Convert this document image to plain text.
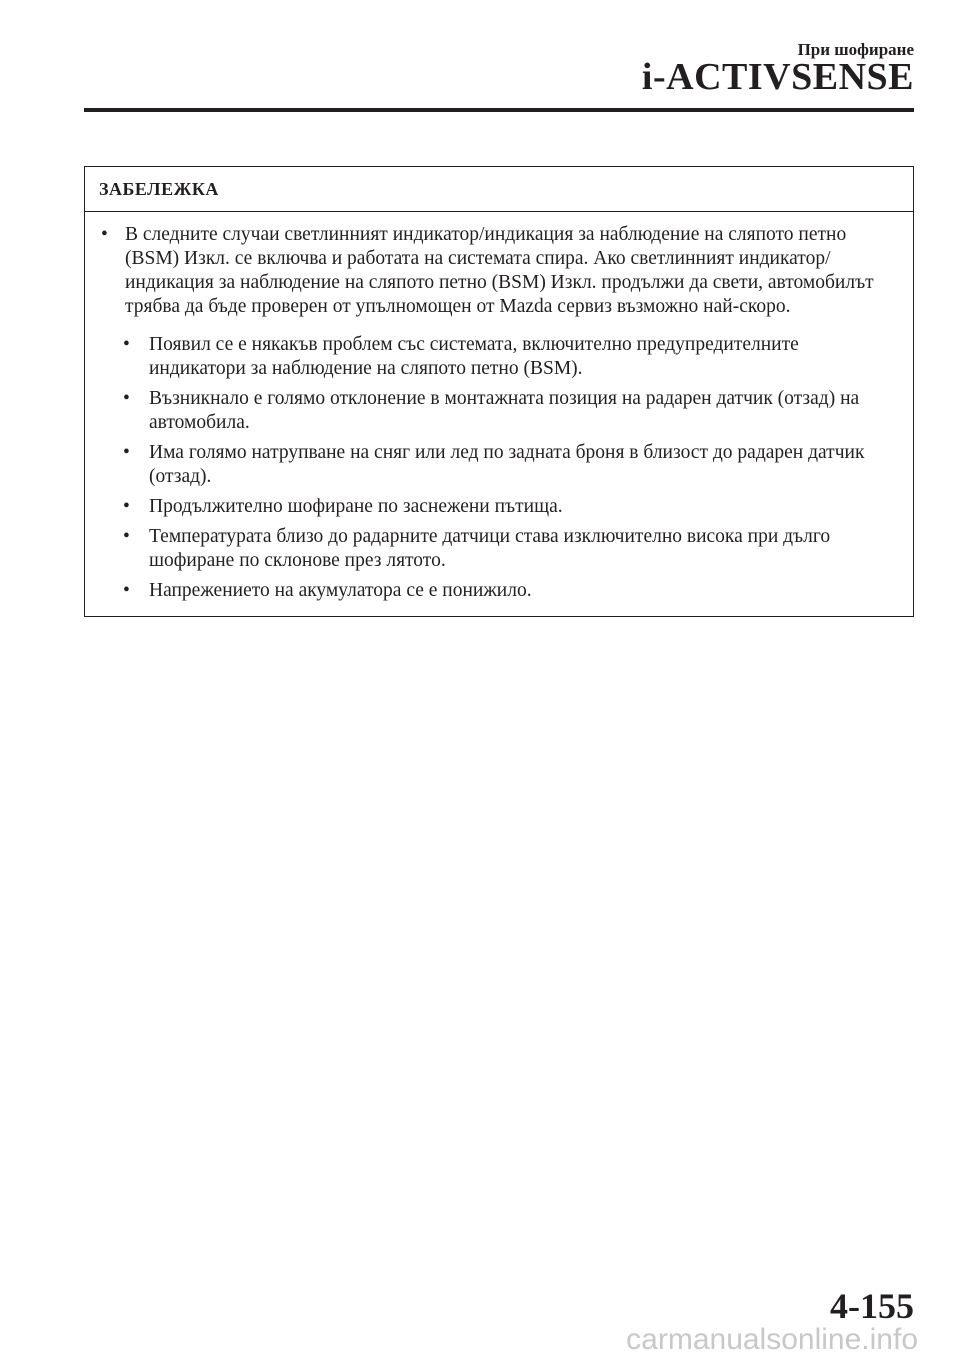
При шофиране
i-ACTIVSENSE
ЗАБЕЛЕЖКА
• В следните случаи светлинният индикатор/индикация за наблюдение на сляпото петно (BSM) Изкл. се включва и работата на системата спира. Ако светлинният индикатор/индикация за наблюдение на сляпото петно (BSM) Изкл. продължи да свети, автомобилът трябва да бъде проверен от упълномощен от Mazda сервиз възможно най-скоро.
• Появил се е някакъв проблем със системата, включително предупредителните индикатори за наблюдение на сляпото петно (BSM).
• Възникнало е голямо отклонение в монтажната позиция на радарен датчик (отзад) на автомобила.
• Има голямо натрупване на сняг или лед по задната броня в близост до радарен датчик (отзад).
• Продължително шофиране по заснежени пътища.
• Температурата близо до радарните датчици става изключително висока при дълго шофиране по склонове през лятото.
• Напрежението на акумулатора се е понижило.
4-155
carmanualsonline.info
